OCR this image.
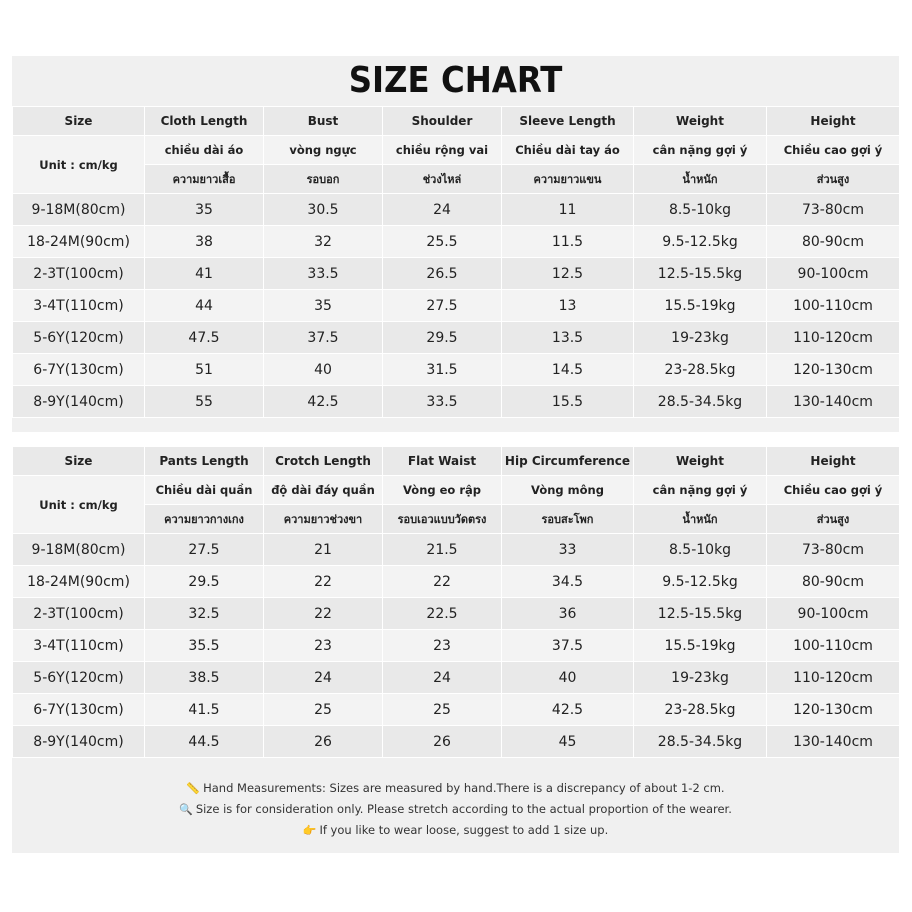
SIZE CHART
Size	Cloth Length	Bust	Shoulder	Sleeve Length	Weight	Height
Unit : cm/kg	chiều dài áo	vòng ngực	chiều rộng vai	Chiều dài tay áo	cân nặng gợi ý	Chiều cao gợi ý
	ความยาวเสื้อ	รอบอก	ช่วงไหล่	ความยาวแขน	น้ำหนัก	ส่วนสูง
9-18M(80cm)	35	30.5	24	11	8.5-10kg	73-80cm
18-24M(90cm)	38	32	25.5	11.5	9.5-12.5kg	80-90cm
2-3T(100cm)	41	33.5	26.5	12.5	12.5-15.5kg	90-100cm
3-4T(110cm)	44	35	27.5	13	15.5-19kg	100-110cm
5-6Y(120cm)	47.5	37.5	29.5	13.5	19-23kg	110-120cm
6-7Y(130cm)	51	40	31.5	14.5	23-28.5kg	120-130cm
8-9Y(140cm)	55	42.5	33.5	15.5	28.5-34.5kg	130-140cm
Size	Pants Length	Crotch Length	Flat Waist	Hip Circumference	Weight	Height
Unit : cm/kg	Chiều dài quần	độ dài đáy quần	Vòng eo rập	Vòng mông	cân nặng gợi ý	Chiều cao gợi ý
	ความยาวกางเกง	ความยาวช่วงขา	รอบเอวแบบวัดตรง	รอบสะโพก	น้ำหนัก	ส่วนสูง
9-18M(80cm)	27.5	21	21.5	33	8.5-10kg	73-80cm
18-24M(90cm)	29.5	22	22	34.5	9.5-12.5kg	80-90cm
2-3T(100cm)	32.5	22	22.5	36	12.5-15.5kg	90-100cm
3-4T(110cm)	35.5	23	23	37.5	15.5-19kg	100-110cm
5-6Y(120cm)	38.5	24	24	40	19-23kg	110-120cm
6-7Y(130cm)	41.5	25	25	42.5	23-28.5kg	120-130cm
8-9Y(140cm)	44.5	26	26	45	28.5-34.5kg	130-140cm
📏 Hand Measurements: Sizes are measured by hand.There is a discrepancy of about 1-2 cm.
🔍 Size is for consideration only. Please stretch according to the actual proportion of the wearer.
👉 If you like to wear loose, suggest to add 1 size up.
